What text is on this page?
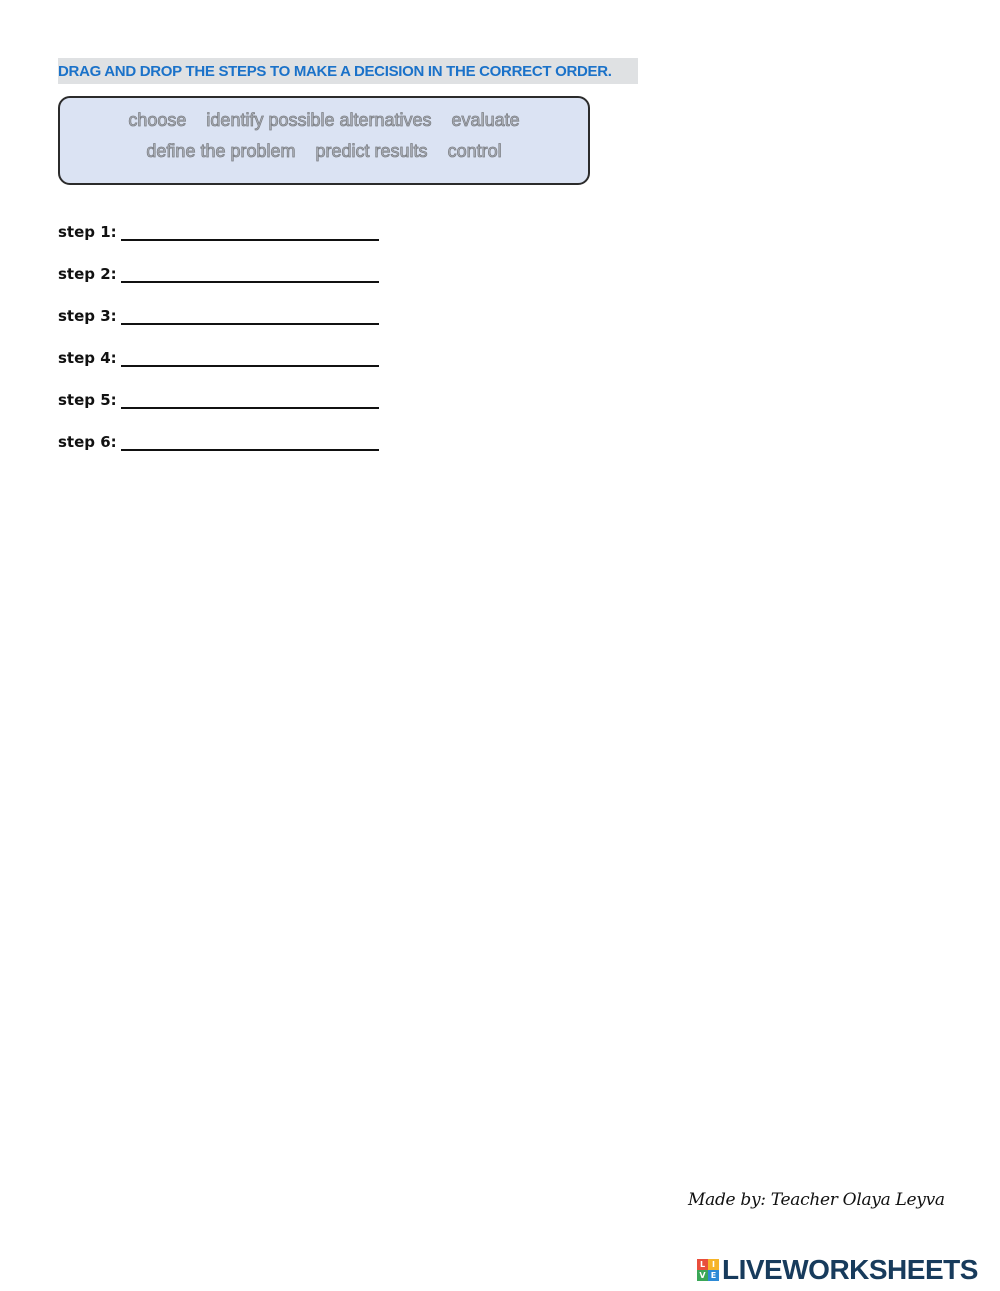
DRAG AND DROP THE STEPS TO MAKE A DECISION IN THE CORRECT ORDER.
choose identify possible alternatives evaluate
define the problem predict results control
step 1:
step 2:
step 3:
step 4:
step 5:
step 6:
Made by: Teacher Olaya Leyva
L I
V E LIVEWORKSHEETS
